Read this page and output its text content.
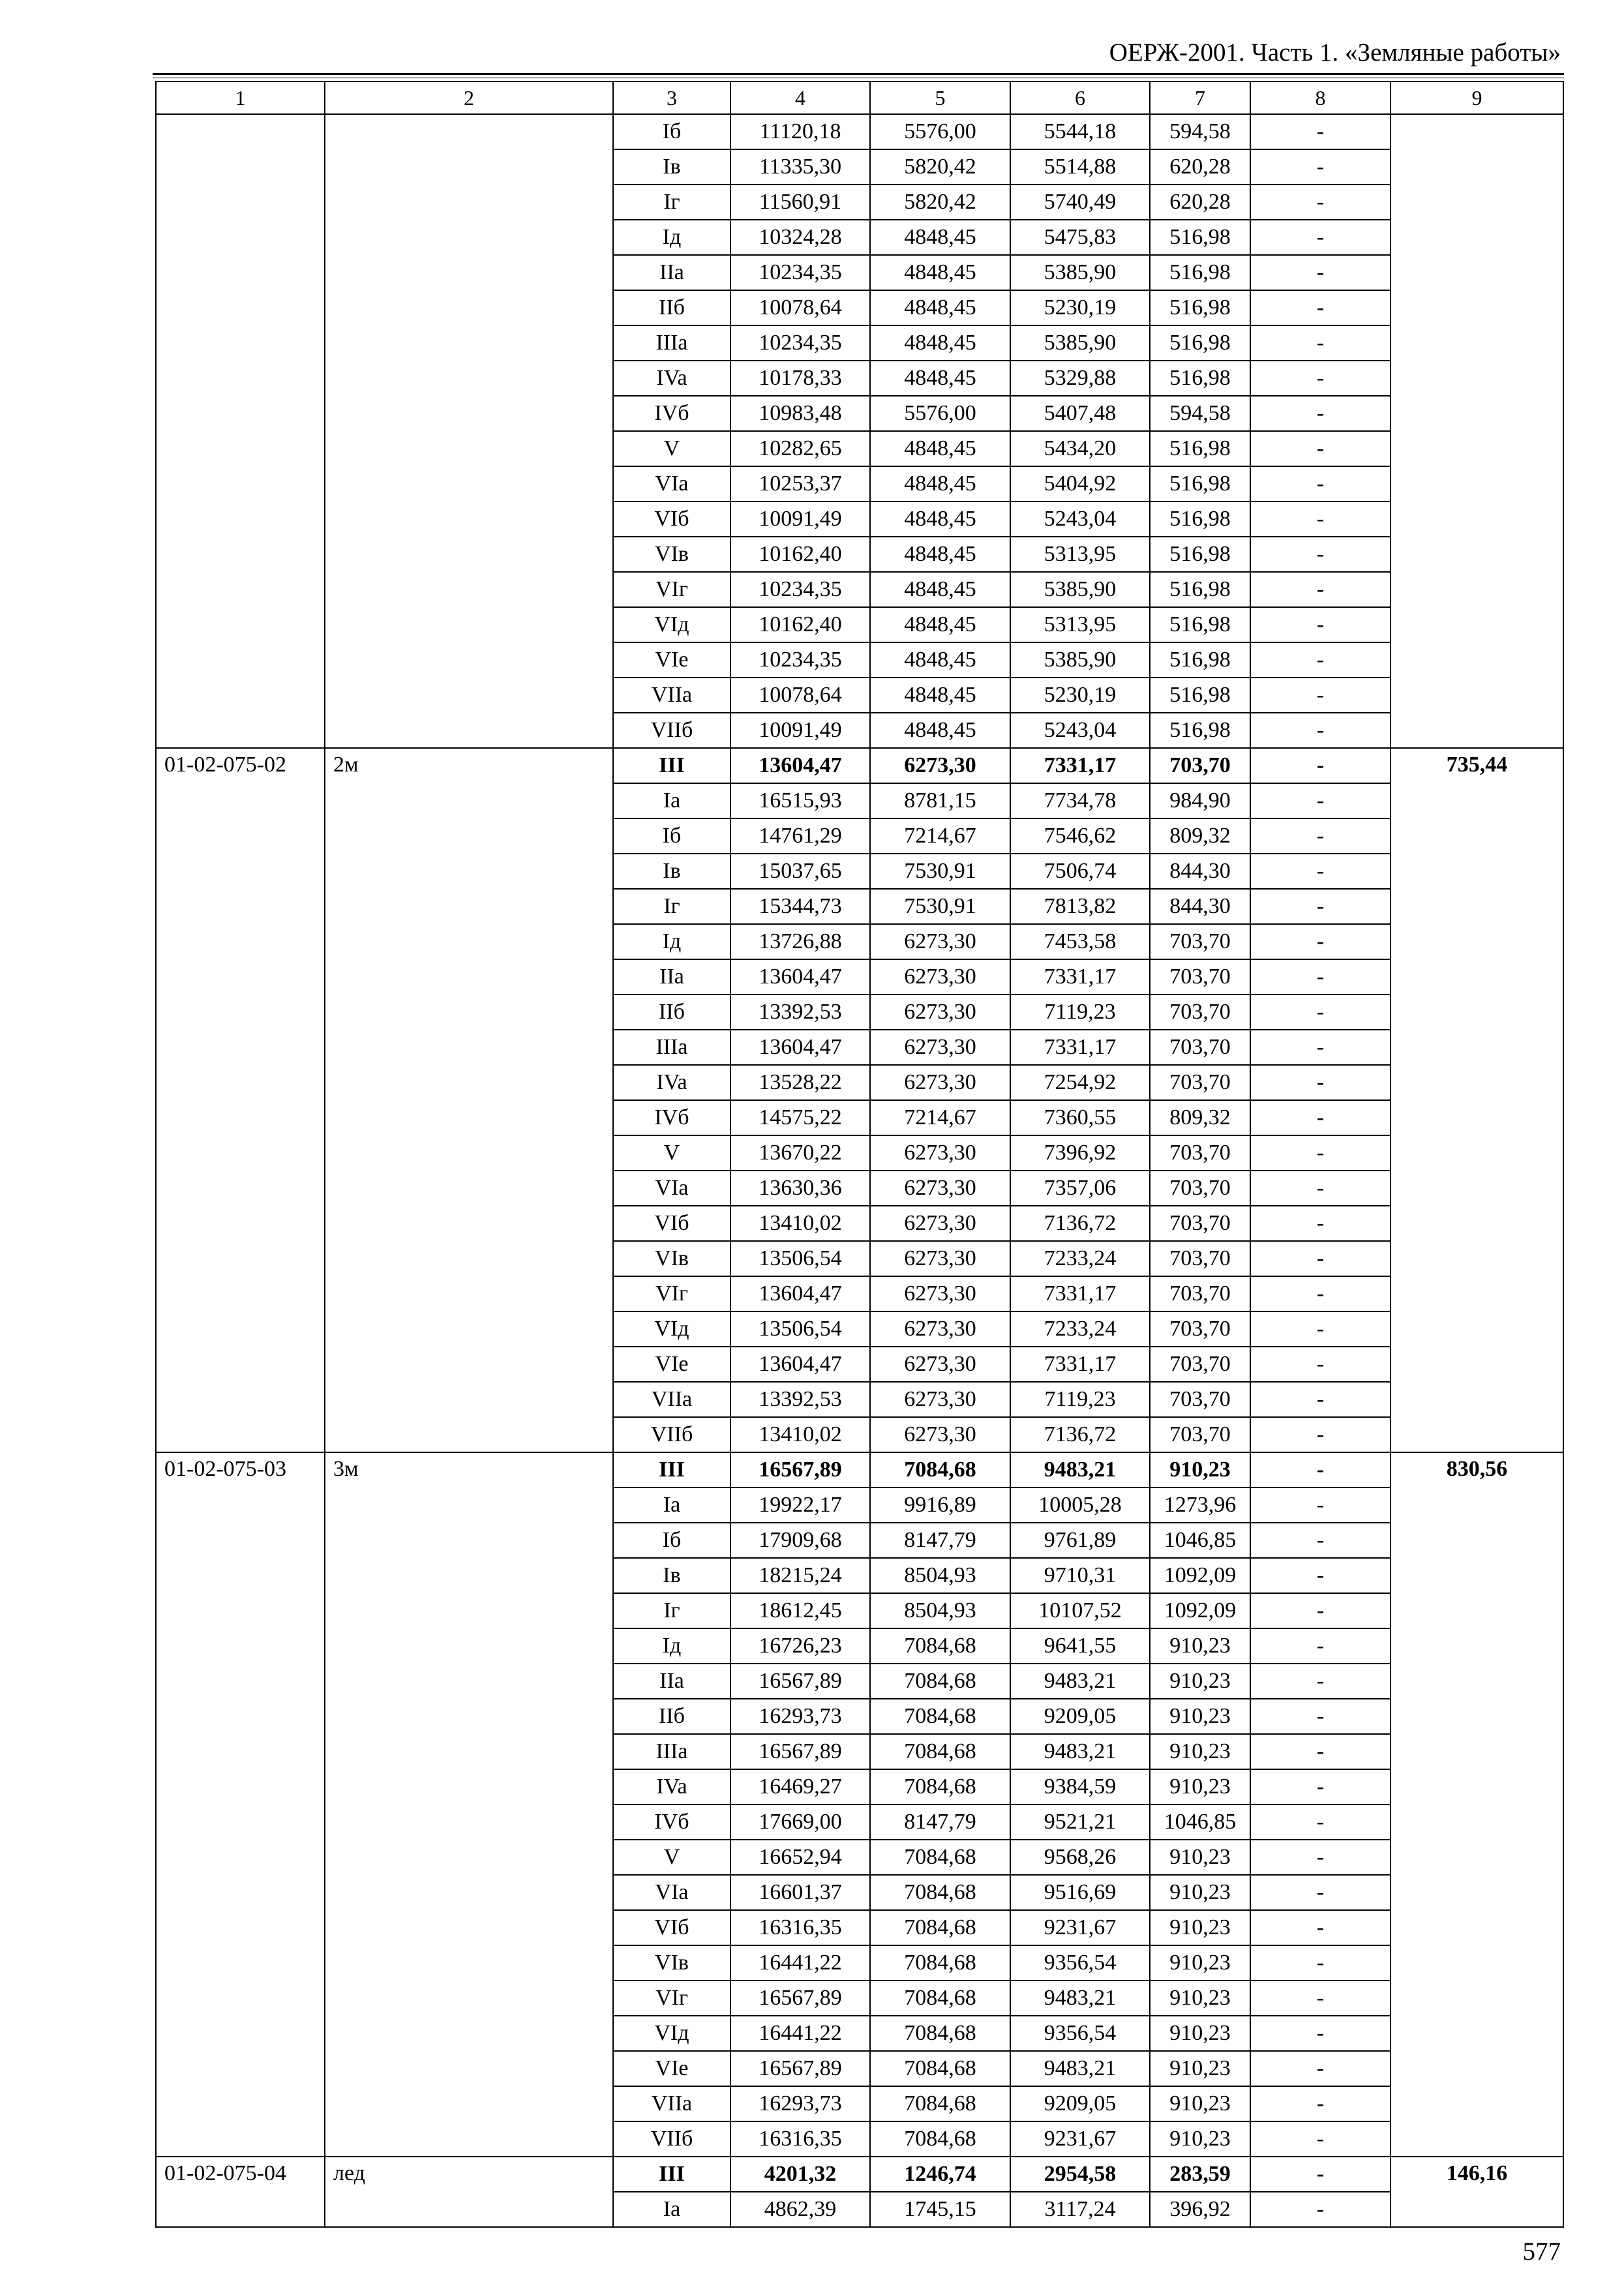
ОЕРЖ-2001. Часть 1. «Земляные работы»
1	2	3	4	5	6	7	8	9
		Iб	11120,18	5576,00	5544,18	594,58	-	
		Iв	11335,30	5820,42	5514,88	620,28	-	
		Iг	11560,91	5820,42	5740,49	620,28	-	
		Iд	10324,28	4848,45	5475,83	516,98	-	
		IIa	10234,35	4848,45	5385,90	516,98	-	
		IIб	10078,64	4848,45	5230,19	516,98	-	
		IIIa	10234,35	4848,45	5385,90	516,98	-	
		IVa	10178,33	4848,45	5329,88	516,98	-	
		IVб	10983,48	5576,00	5407,48	594,58	-	
		V	10282,65	4848,45	5434,20	516,98	-	
		VIa	10253,37	4848,45	5404,92	516,98	-	
		VIб	10091,49	4848,45	5243,04	516,98	-	
		VIв	10162,40	4848,45	5313,95	516,98	-	
		VIг	10234,35	4848,45	5385,90	516,98	-	
		VIд	10162,40	4848,45	5313,95	516,98	-	
		VIe	10234,35	4848,45	5385,90	516,98	-	
		VIIa	10078,64	4848,45	5230,19	516,98	-	
		VIIб	10091,49	4848,45	5243,04	516,98	-	
01-02-075-02	2м	III	13604,47	6273,30	7331,17	703,70	-	735,44
		Ia	16515,93	8781,15	7734,78	984,90	-	
		Iб	14761,29	7214,67	7546,62	809,32	-	
		Iв	15037,65	7530,91	7506,74	844,30	-	
		Iг	15344,73	7530,91	7813,82	844,30	-	
		Iд	13726,88	6273,30	7453,58	703,70	-	
		IIa	13604,47	6273,30	7331,17	703,70	-	
		IIб	13392,53	6273,30	7119,23	703,70	-	
		IIIa	13604,47	6273,30	7331,17	703,70	-	
		IVa	13528,22	6273,30	7254,92	703,70	-	
		IVб	14575,22	7214,67	7360,55	809,32	-	
		V	13670,22	6273,30	7396,92	703,70	-	
		VIa	13630,36	6273,30	7357,06	703,70	-	
		VIб	13410,02	6273,30	7136,72	703,70	-	
		VIв	13506,54	6273,30	7233,24	703,70	-	
		VIг	13604,47	6273,30	7331,17	703,70	-	
		VIд	13506,54	6273,30	7233,24	703,70	-	
		VIe	13604,47	6273,30	7331,17	703,70	-	
		VIIa	13392,53	6273,30	7119,23	703,70	-	
		VIIб	13410,02	6273,30	7136,72	703,70	-	
01-02-075-03	3м	III	16567,89	7084,68	9483,21	910,23	-	830,56
		Ia	19922,17	9916,89	10005,28	1273,96	-	
		Iб	17909,68	8147,79	9761,89	1046,85	-	
		Iв	18215,24	8504,93	9710,31	1092,09	-	
		Iг	18612,45	8504,93	10107,52	1092,09	-	
		Iд	16726,23	7084,68	9641,55	910,23	-	
		IIa	16567,89	7084,68	9483,21	910,23	-	
		IIб	16293,73	7084,68	9209,05	910,23	-	
		IIIa	16567,89	7084,68	9483,21	910,23	-	
		IVa	16469,27	7084,68	9384,59	910,23	-	
		IVб	17669,00	8147,79	9521,21	1046,85	-	
		V	16652,94	7084,68	9568,26	910,23	-	
		VIa	16601,37	7084,68	9516,69	910,23	-	
		VIб	16316,35	7084,68	9231,67	910,23	-	
		VIв	16441,22	7084,68	9356,54	910,23	-	
		VIг	16567,89	7084,68	9483,21	910,23	-	
		VIд	16441,22	7084,68	9356,54	910,23	-	
		VIe	16567,89	7084,68	9483,21	910,23	-	
		VIIa	16293,73	7084,68	9209,05	910,23	-	
		VIIб	16316,35	7084,68	9231,67	910,23	-	
01-02-075-04	лед	III	4201,32	1246,74	2954,58	283,59	-	146,16
		Ia	4862,39	1745,15	3117,24	396,92	-	
577
